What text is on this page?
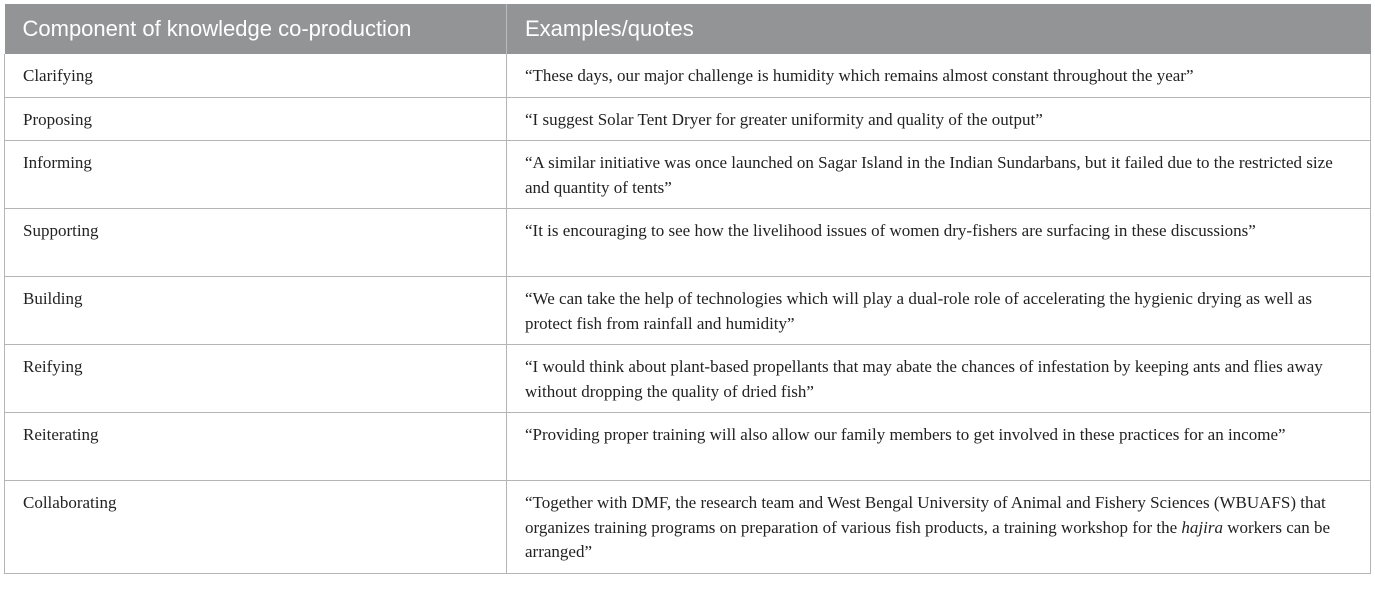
Component of knowledge co-production	Examples/quotes
Clarifying	“These days, our major challenge is humidity which remains almost constant throughout the year”
Proposing	“I suggest Solar Tent Dryer for greater uniformity and quality of the output”
Informing	“A similar initiative was once launched on Sagar Island in the Indian Sundarbans, but it failed due to the restricted size and quantity of tents”
Supporting	“It is encouraging to see how the livelihood issues of women dry-fishers are surfacing in these discussions”
Building	“We can take the help of technologies which will play a dual-role role of accelerating the hygienic drying as well as protect fish from rainfall and humidity”
Reifying	“I would think about plant-based propellants that may abate the chances of infestation by keeping ants and flies away without dropping the quality of dried fish”
Reiterating	“Providing proper training will also allow our family members to get involved in these practices for an income”
Collaborating	“Together with DMF, the research team and West Bengal University of Animal and Fishery Sciences (WBUAFS) that organizes training programs on preparation of various fish products, a training workshop for the hajira workers can be arranged”
